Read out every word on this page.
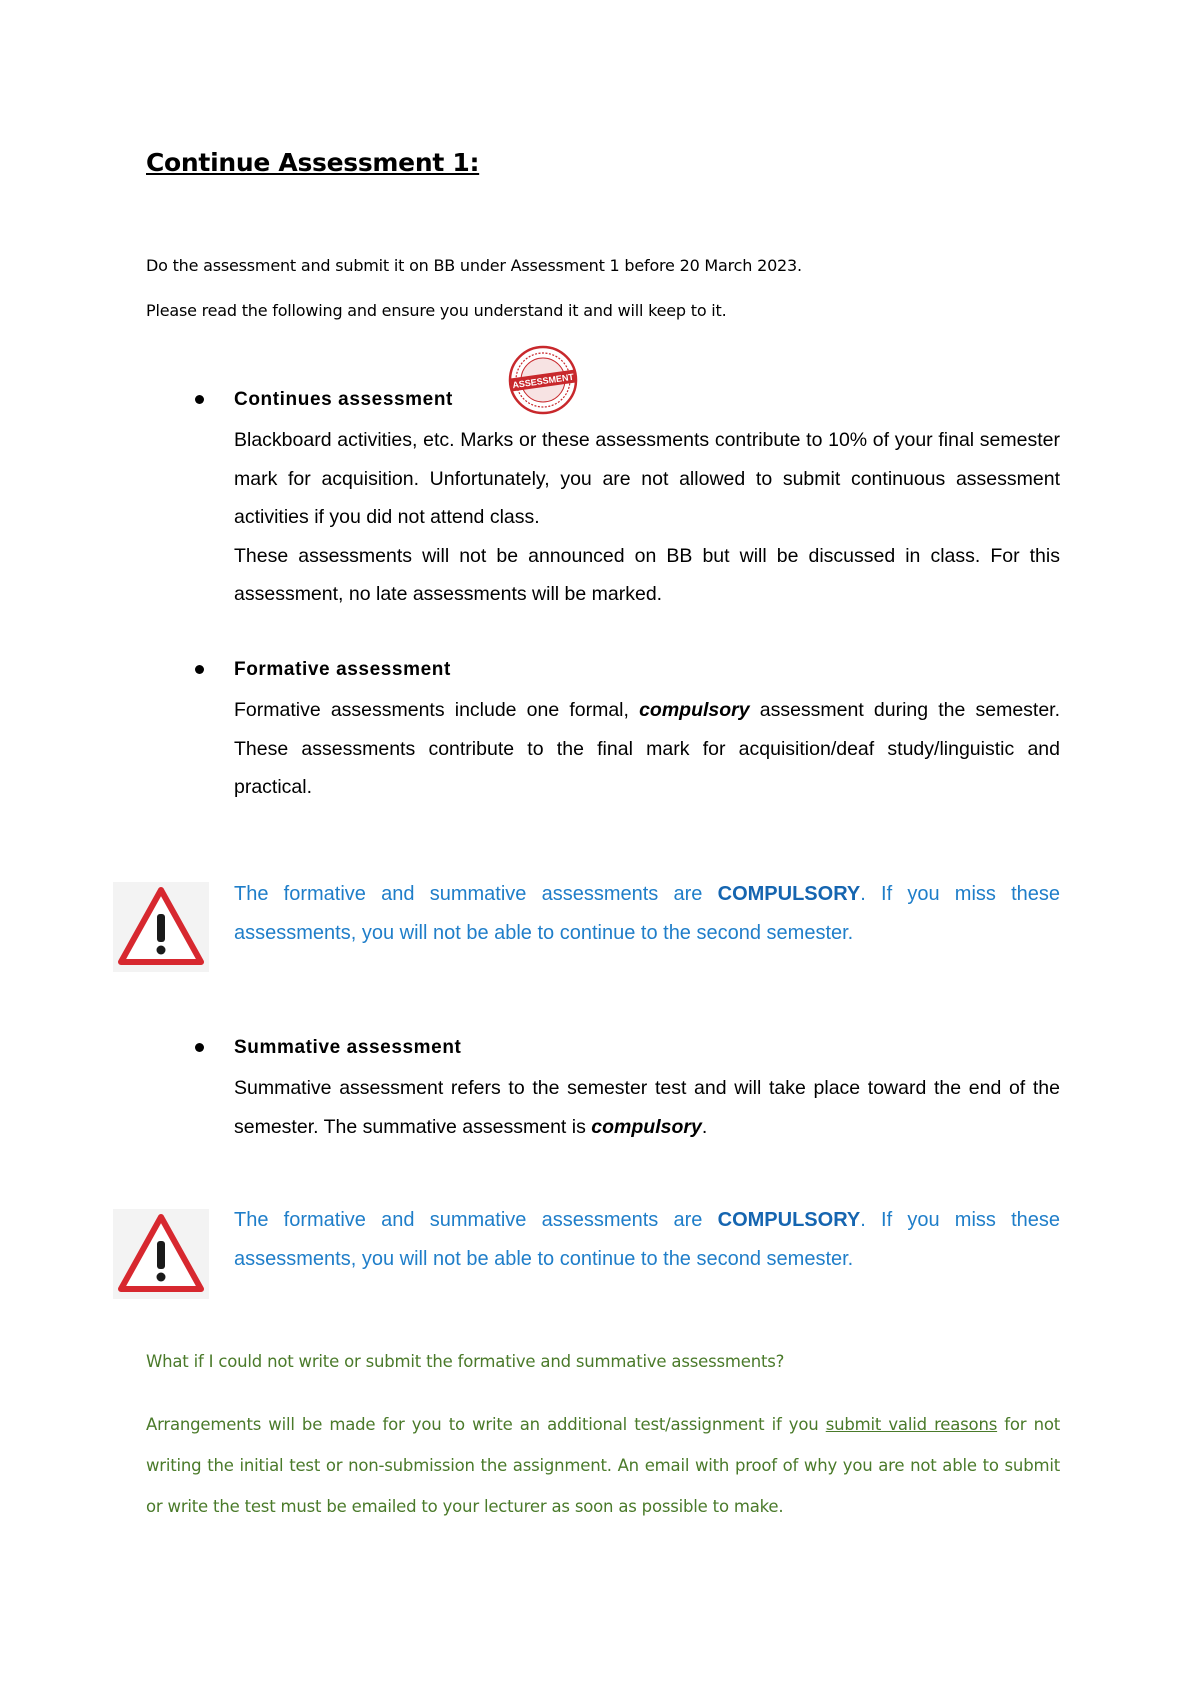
Continue Assessment 1:
Do the assessment and submit it on BB under Assessment 1 before 20 March 2023.
Please read the following and ensure you understand it and will keep to it.
Continues assessment
ASSESSMENT

Blackboard activities, etc. Marks or these assessments contribute to 10% of your final semester mark for acquisition. Unfortunately, you are not allowed to submit continuous assessment activities if you did not attend class.

These assessments will not be announced on BB but will be discussed in class. For this assessment, no late assessments will be marked.

Formative assessment

Formative assessments include one formal, compulsory assessment during the semester. These assessments contribute to the final mark for acquisition/deaf study/linguistic and practical.

The formative and summative assessments are COMPULSORY. If you miss these assessments, you will not be able to continue to the second semester.
Summative assessment

Summative assessment refers to the semester test and will take place toward the end of the semester. The summative assessment is compulsory.

The formative and summative assessments are COMPULSORY. If you miss these assessments, you will not be able to continue to the second semester.
What if I could not write or submit the formative and summative assessments?

Arrangements will be made for you to write an additional test/assignment if you submit valid reasons for not writing the initial test or non-submission the assignment. An email with proof of why you are not able to submit or write the test must be emailed to your lecturer as soon as possible to make.
